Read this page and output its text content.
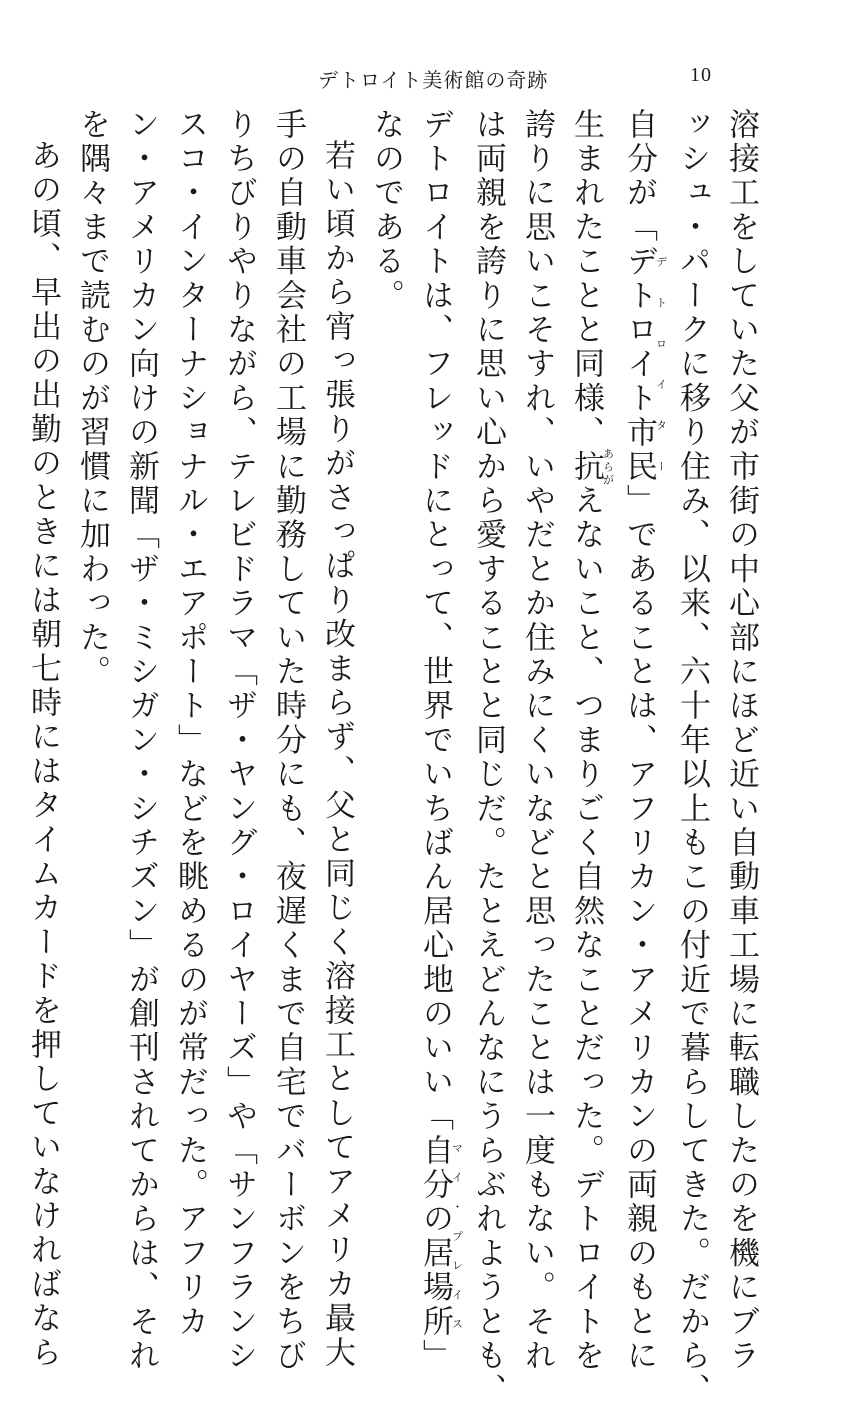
デトロイト美術館の奇跡	10
溶接工をしていた父が市街の中心部にほど近い自動車工場に転職したのを機にブラ
ッシュ・パークに移り住み、以来、六十年以上もこの付近で暮らしてきた。だから、
自分が「デトロイト市民デトロイター」であることは、アフリカン・アメリカンの両親のもとに
生まれたことと同様、抗あらがえないこと、つまりごく自然なことだった。デトロイトを
誇りに思いこそすれ、いやだとか住みにくいなどと思ったことは一度もない。それ
は両親を誇りに思い心から愛することと同じだ。たとえどんなにうらぶれようとも、
デトロイトは、フレッドにとって、世界でいちばん居心地のいい「自分の居場所マイ・プレイス」
なのである。
若い頃から宵っ張りがさっぱり改まらず、父と同じく溶接工としてアメリカ最大
手の自動車会社の工場に勤務していた時分にも、夜遅くまで自宅でバーボンをちび
りちびりやりながら、テレビドラマ「ザ・ヤング・ロイヤーズ」や「サンフランシ
スコ・インターナショナル・エアポート」などを眺めるのが常だった。アフリカ
ン・アメリカン向けの新聞「ザ・ミシガン・シチズン」が創刊されてからは、それ
を隅々まで読むのが習慣に加わった。
あの頃、早出の出勤のときには朝七時にはタイムカードを押していなければなら
